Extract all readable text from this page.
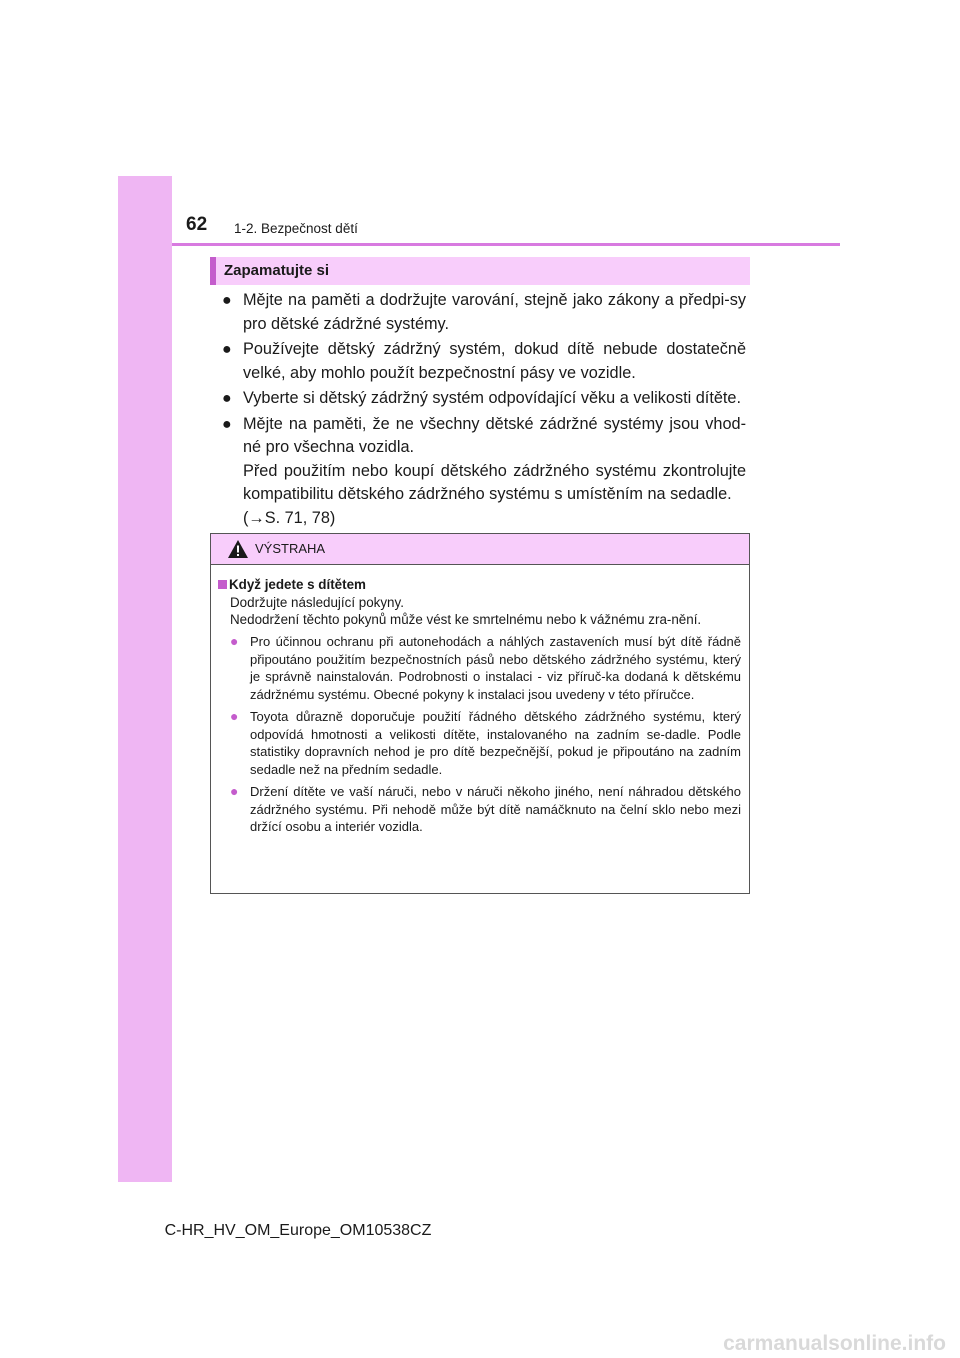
62 1-2. Bezpečnost dětí
Zapamatujte si
● Mějte na paměti a dodržujte varování, stejně jako zákony a předpi-sy pro dětské zádržné systémy.
● Používejte dětský zádržný systém, dokud dítě nebude dostatečně velké, aby mohlo použít bezpečnostní pásy ve vozidle.
● Vyberte si dětský zádržný systém odpovídající věku a velikosti dítěte.
● Mějte na paměti, že ne všechny dětské zádržné systémy jsou vhod-né pro všechna vozidla.
Před použitím nebo koupí dětského zádržného systému zkontrolujte kompatibilitu dětského zádržného systému s umístěním na sedadle.
(→S. 71, 78)
VÝSTRAHA
Když jedete s dítětem
Dodržujte následující pokyny.
Nedodržení těchto pokynů může vést ke smrtelnému nebo k vážnému zra-nění.
● Pro účinnou ochranu při autonehodách a náhlých zastaveních musí být dítě řádně připoutáno použitím bezpečnostních pásů nebo dětského zádržného systému, který je správně nainstalován. Podrobnosti o instalaci - viz příruč-ka dodaná k dětskému zádržnému systému. Obecné pokyny k instalaci jsou uvedeny v této příručce.
● Toyota důrazně doporučuje použití řádného dětského zádržného systému, který odpovídá hmotnosti a velikosti dítěte, instalovaného na zadním se-dadle. Podle statistiky dopravních nehod je pro dítě bezpečnější, pokud je připoutáno na zadním sedadle než na předním sedadle.
● Držení dítěte ve vaší náruči, nebo v náruči někoho jiného, není náhradou dětského zádržného systému. Při nehodě může být dítě namáčknuto na čelní sklo nebo mezi držící osobu a interiér vozidla.
C-HR_HV_OM_Europe_OM10538CZ
carmanualsonline.info
